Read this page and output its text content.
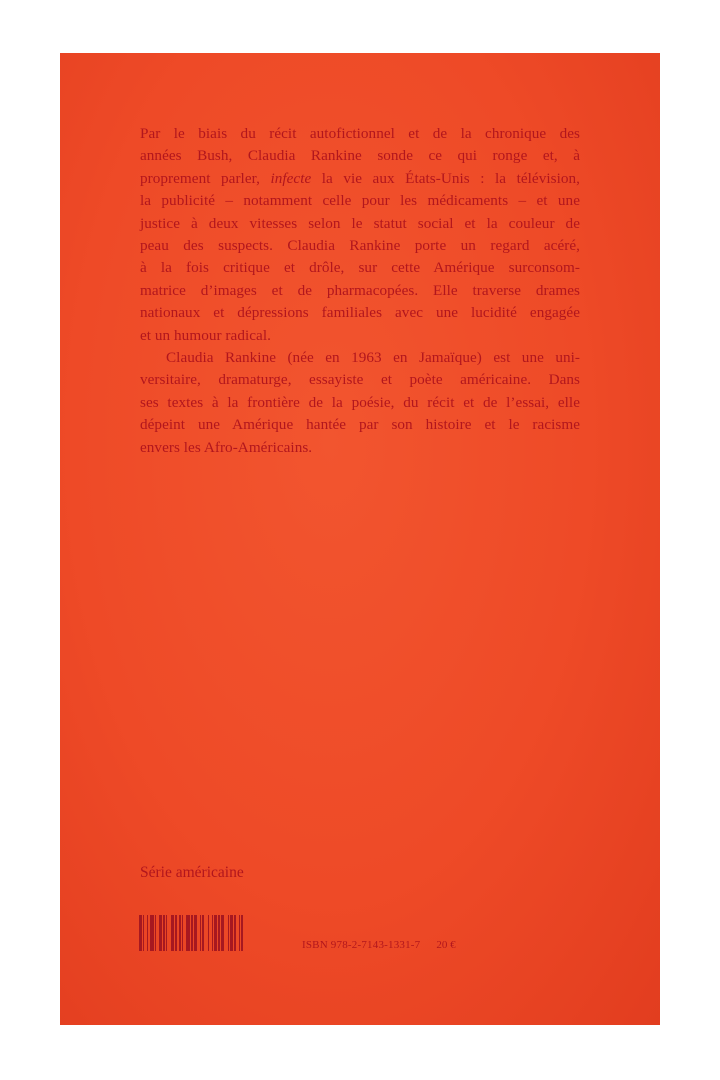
Par le biais du récit autofictionnel et de la chronique des
années Bush, Claudia Rankine sonde ce qui ronge et, à
proprement parler, infecte la vie aux États-Unis : la télévision,
la publicité – notamment celle pour les médicaments – et une
justice à deux vitesses selon le statut social et la couleur de
peau des suspects. Claudia Rankine porte un regard acéré,
à la fois critique et drôle, sur cette Amérique surconsom-
matrice d’images et de pharmacopées. Elle traverse drames
nationaux et dépressions familiales avec une lucidité engagée
et un humour radical.

Claudia Rankine (née en 1963 en Jamaïque) est une uni-
versitaire, dramaturge, essayiste et poète américaine. Dans
ses textes à la frontière de la poésie, du récit et de l’essai, elle
dépeint une Amérique hantée par son histoire et le racisme
envers les Afro-Américains.

Série américaine
ISBN 978-2-7143-1331-7 20 €
